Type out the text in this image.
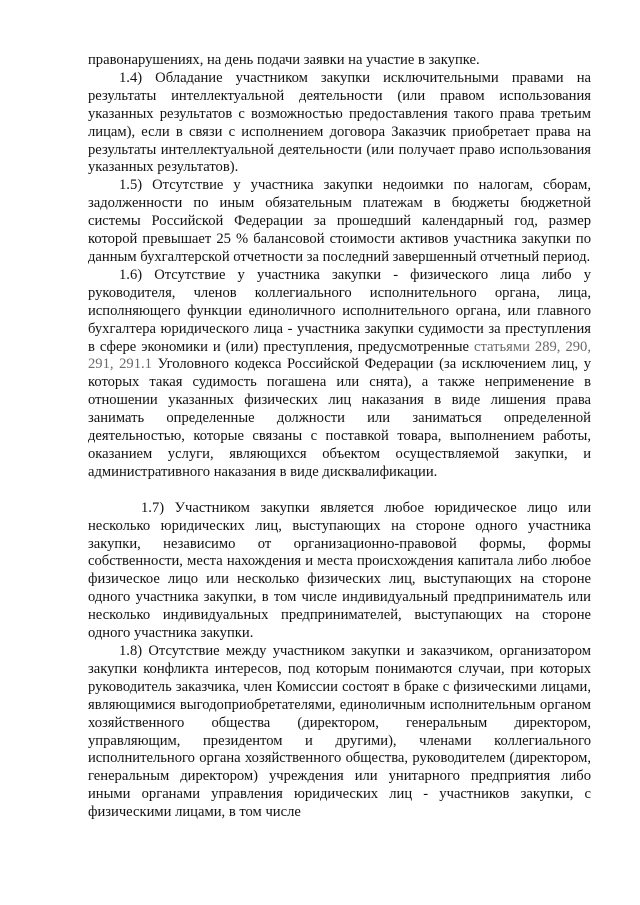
правонарушениях, на день подачи заявки на участие в закупке.

1.4) Обладание участником закупки исключительными правами на результаты интеллектуальной деятельности (или правом использования указанных результатов с возможностью предоставления такого права третьим лицам), если в связи с исполнением договора Заказчик приобретает права на результаты интеллектуальной деятельности (или получает право использования указанных результатов).

1.5) Отсутствие у участника закупки недоимки по налогам, сборам, задолженности по иным обязательным платежам в бюджеты бюджетной системы Российской Федерации за прошедший календарный год, размер которой превышает 25 % балансовой стоимости активов участника закупки по данным бухгалтерской отчетности за последний завершенный отчетный период.

1.6) Отсутствие у участника закупки - физического лица либо у руководителя, членов коллегиального исполнительного органа, лица, исполняющего функции единоличного исполнительного органа, или главного бухгалтера юридического лица - участника закупки судимости за преступления в сфере экономики и (или) преступления, предусмотренные статьями 289, 290, 291, 291.1 Уголовного кодекса Российской Федерации (за исключением лиц, у которых такая судимость погашена или снята), а также неприменение в отношении указанных физических лиц наказания в виде лишения права занимать определенные должности или заниматься определенной деятельностью, которые связаны с поставкой товара, выполнением работы, оказанием услуги, являющихся объектом осуществляемой закупки, и административного наказания в виде дисквалификации.

1.7) Участником закупки является любое юридическое лицо или несколько юридических лиц, выступающих на стороне одного участника закупки, независимо от организационно-правовой формы, формы собственности, места нахождения и места происхождения капитала либо любое физическое лицо или несколько физических лиц, выступающих на стороне одного участника закупки, в том числе индивидуальный предприниматель или несколько индивидуальных предпринимателей, выступающих на стороне одного участника закупки.

1.8) Отсутствие между участником закупки и заказчиком, организатором закупки конфликта интересов, под которым понимаются случаи, при которых руководитель заказчика, член Комиссии состоят в браке с физическими лицами, являющимися выгодоприобретателями, единоличным исполнительным органом хозяйственного общества (директором, генеральным директором, управляющим, президентом и другими), членами коллегиального исполнительного органа хозяйственного общества, руководителем (директором, генеральным директором) учреждения или унитарного предприятия либо иными органами управления юридических лиц - участников закупки, с физическими лицами, в том числе
